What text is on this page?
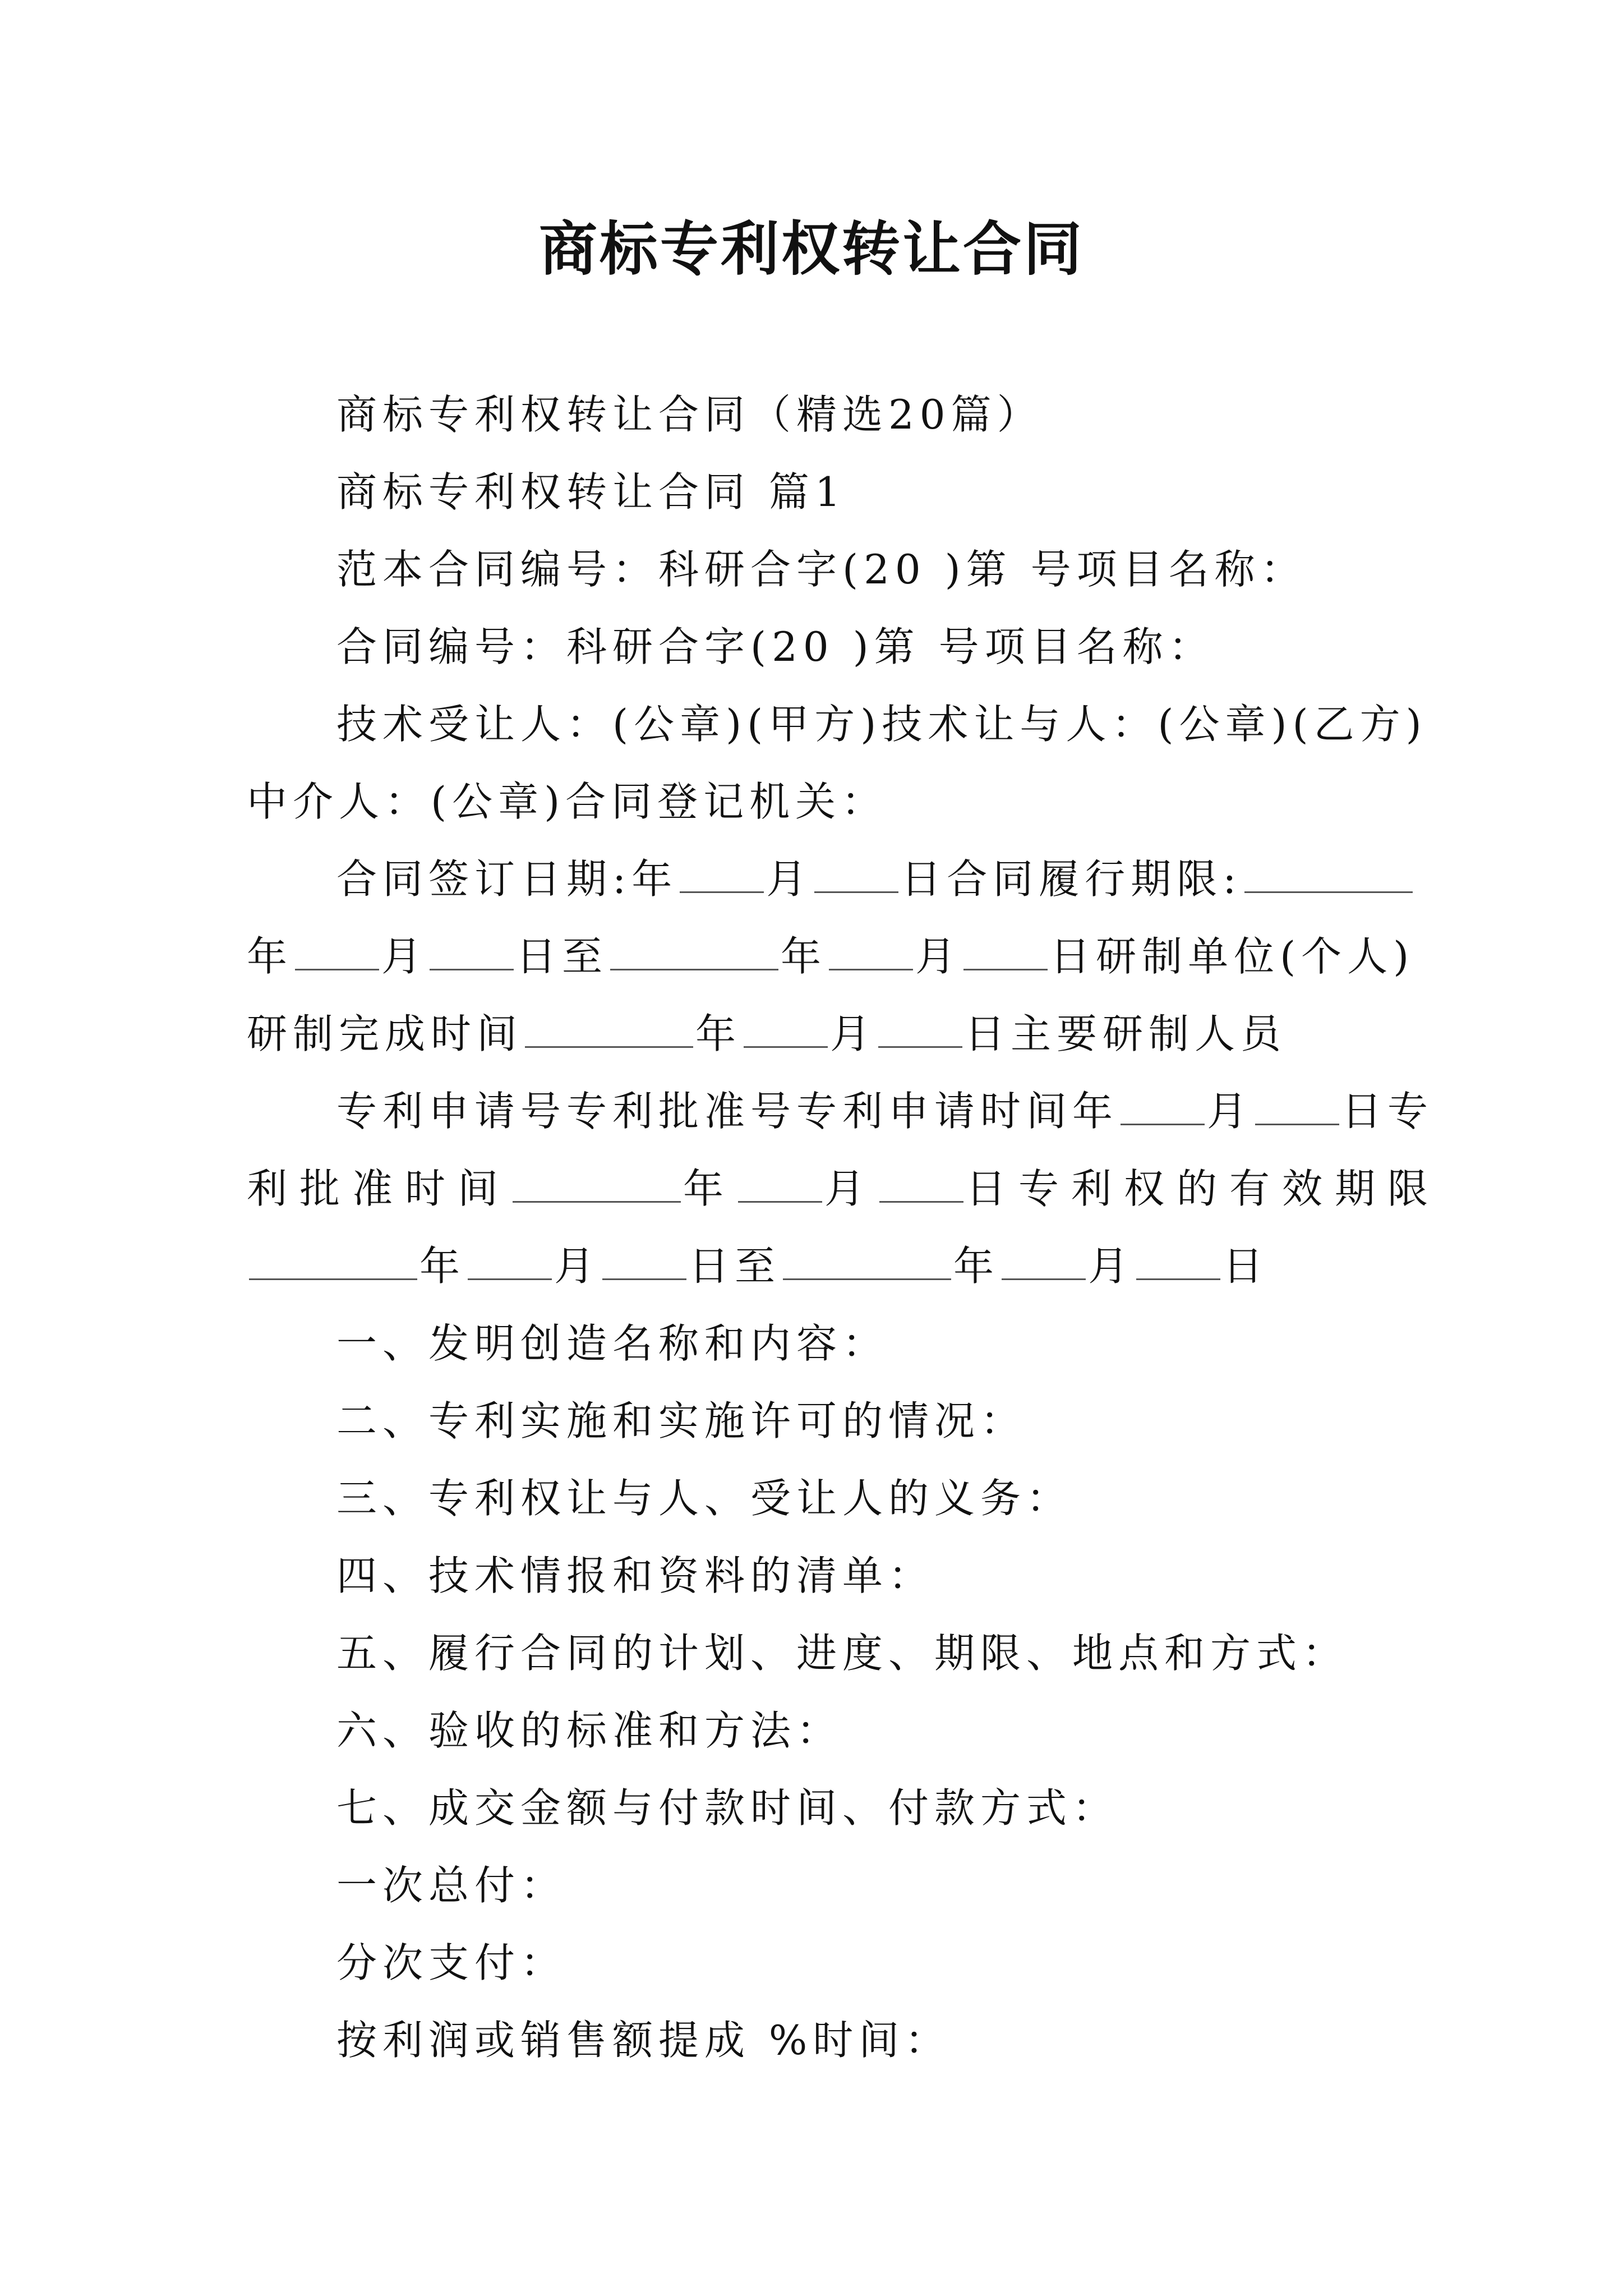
商标专利权转让合同
商标专利权转让合同（精选20篇）
商标专利权转让合同 篇1
范本合同编号：科研合字(20 )第 号项目名称：
合同编号：科研合字(20 )第 号项目名称：
技术受让人：(公章)(甲方)技术让与人：(公章)(乙方)
中介人：(公章)合同登记机关：
合同签订日期:年 月 日合同履行期限:
年 月 日至	年 月 日研制单位(个人)
研制完成时间	年 月 日主要研制人员
专利申请号专利批准号专利申请时间年 月 日专
利批准时间	年 月 日专利权的有效期限
年 月 日至	年 月 日
一、发明创造名称和内容：
二、专利实施和实施许可的情况：
三、专利权让与人、受让人的义务：
四、技术情报和资料的清单：
五、履行合同的计划、进度、期限、地点和方式：
六、验收的标准和方法：
七、成交金额与付款时间、付款方式：
一次总付：
分次支付：
按利润或销售额提成 %时间：
